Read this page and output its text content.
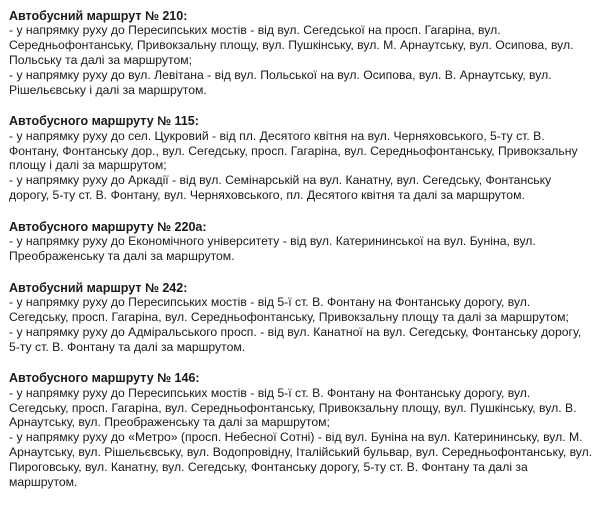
Автобусний маршрут № 210:

- у напрямку руху до Пересипських мостів - від вул. Сегедської на просп. Гагаріна, вул. Середньофонтанську, Привокзальну площу, вул. Пушкінську, вул. М. Арнаутську, вул. Осипова, вул. Польську та далі за маршрутом;

- у напрямку руху до вул. Левітана - від вул. Польської на вул. Осипова, вул. В. Арнаутську, вул. Рішельєвську і далі за маршрутом.

Автобусного маршруту № 115:

- у напрямку руху до сел. Цукровий - від пл. Десятого квітня на вул. Черняховського, 5-ту ст. В. Фонтану, Фонтанську дор., вул. Сегедську, просп. Гагаріна, вул. Середньофонтанську, Привокзальну площу і далі за маршрутом;

- у напрямку руху до Аркадії - від вул. Семінарській на вул. Канатну, вул. Сегедську, Фонтанську дорогу, 5-ту ст. В. Фонтану, вул. Черняховського, пл. Десятого квітня та далі за маршрутом.

Автобусного маршруту № 220а:

- у напрямку руху до Економічного університету - від вул. Катерининської на вул. Буніна, вул. Преображенську та далі за маршрутом.

Автобусний маршрут № 242:

- у напрямку руху до Пересипських мостів - від 5-ї ст. В. Фонтану на Фонтанську дорогу, вул. Сегедську, просп. Гагаріна, вул. Середньофонтанську, Привокзальну площу та далі за маршрутом;

- у напрямку руху до Адміральського просп. - від вул. Канатної на вул. Сегедську, Фонтанську дорогу, 5-ту ст. В. Фонтану та далі за маршрутом.

Автобусного маршруту № 146:

- у напрямку руху до Пересипських мостів - від 5-ї ст. В. Фонтану на Фонтанську дорогу, вул. Сегедську, просп. Гагаріна, вул. Середньофонтанську, Привокзальну площу, вул. Пушкінську, вул. В. Арнаутську, вул. Преображенську та далі за маршрутом;

- у напрямку руху до «Метро» (просп. Небесної Сотні) - від вул. Буніна на вул. Катерининську, вул. М. Арнаутську, вул. Рішельєвську, вул. Водопровідну, Італійський бульвар, вул. Середньофонтанську, вул. Пироговську, вул. Канатну, вул. Сегедську, Фонтанську дорогу, 5-ту ст. В. Фонтану та далі за маршрутом.
